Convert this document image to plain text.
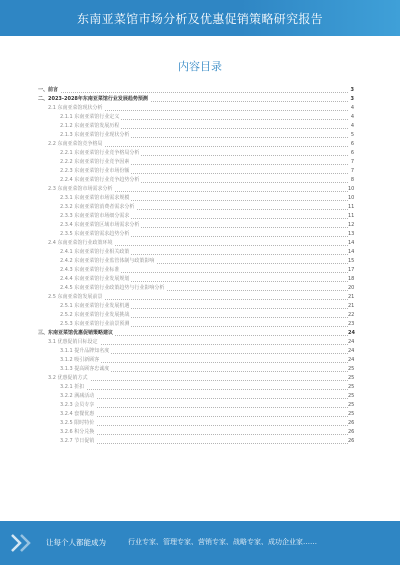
东南亚菜馆市场分析及优惠促销策略研究报告
内容目录
一、前言	3
二、2023-2028年东南亚菜馆行业发展趋势预测	3
2.1 东南亚菜馆现状分析	4
2.1.1 东南亚菜馆行业定义	4
2.1.2 东南亚菜馆发展历程	4
2.1.3 东南亚菜馆行业现状分析	5
2.2 东南亚菜馆竞争格局	6
2.2.1 东南亚菜馆行业竞争格局分析	6
2.2.2 东南亚菜馆行业竞争因素	7
2.2.3 东南亚菜馆行业市场份额	7
2.2.4 东南亚菜馆行业竞争趋势分析	8
2.3 东南亚菜馆市场需求分析	10
2.3.1 东南亚菜馆市场需求规模	10
2.3.2 东南亚菜馆消费者需求分析	11
2.3.3 东南亚菜馆市场细分需求	11
2.3.4 东南亚菜馆区域市场需求分析	12
2.3.5 东南亚菜馆需求趋势分析	13
2.4 东南亚菜馆行业政策环境	14
2.4.1 东南亚菜馆行业相关政策	14
2.4.2 东南亚菜馆行业监管体制与政策影响	15
2.4.3 东南亚菜馆行业标准	17
2.4.4 东南亚菜馆行业发展规划	18
2.4.5 东南亚菜馆行业政策趋势与行业影响分析	20
2.5 东南亚菜馆发展前景	21
2.5.1 东南亚菜馆行业发展机遇	21
2.5.2 东南亚菜馆行业发展挑战	22
2.5.3 东南亚菜馆行业前景预测	23
三、东南亚菜馆优惠促销策略建议	24
3.1 优惠促销目标设定	24
3.1.1 提升品牌知名度	24
3.1.2 吸引新顾客	24
3.1.3 提高顾客忠诚度	25
3.2 优惠促销方式	25
3.2.1 折扣	25
3.2.2 满减活动	25
3.2.3 会员专享	25
3.2.4 套餐优惠	25
3.2.5 限时特价	26
3.2.6 积分兑换	26
3.2.7 节日促销	26
让每个人都能成为	行业专家、管理专家、营销专家、战略专家、成功企业家……
